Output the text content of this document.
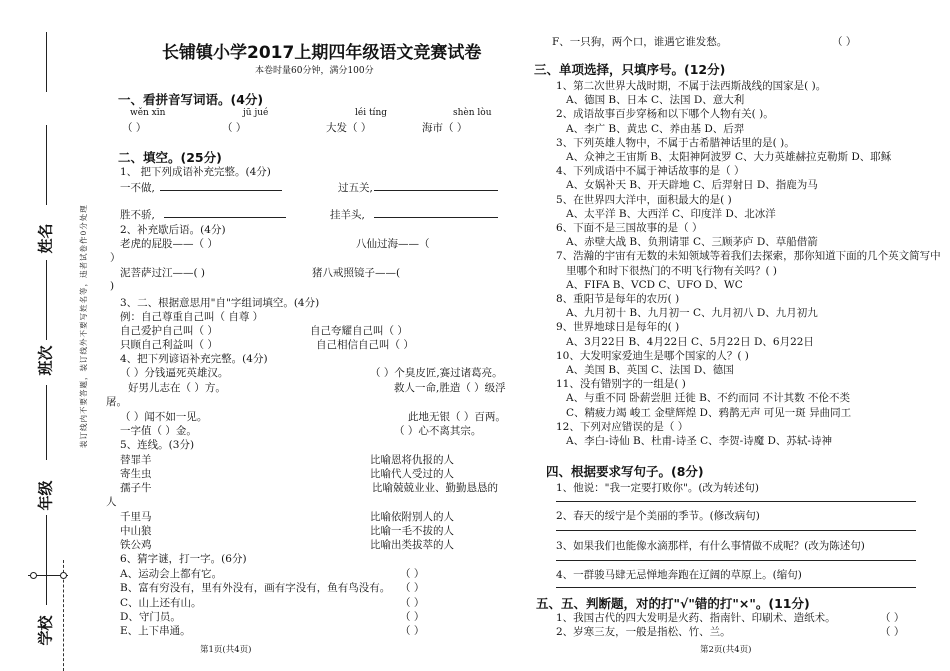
姓名
班次
年级
学校
装订线内不要答题，装订线外不要写姓名等，违者试卷作0分处理
长铺镇小学2017上期四年级语文竞赛试卷
本卷时量60分钟，满分100分
一、看拼音写词语。(4分)
wěn xīn	jū jué	léi tíng	shèn lòu
（ ）	（ ）	大发（ ）	海市（ ）
二、填空。(25分)
1、 把下列成语补充完整。(4分)
一不做,	过五关,
胜不骄,	挂羊头,
2、补充歇后语。(4分)
老虎的屁股——（ ）	八仙过海——（
）
泥菩萨过江——( )	猪八戒照镜子——(
)
3、二、根据意思用"自"字组词填空。(4分)
例：自己尊重自己叫（ 自尊 ）
自己爱护自己叫（ ）	自己夸耀自己叫（ ）
只顾自己利益叫（ ）	自己相信自己叫（ ）
4、把下列谚语补充完整。(4分)
（ ）分钱逼死英雄汉。	（ ）个臭皮匠,赛过诸葛亮。
好男儿志在（ ）方。	救人一命,胜造（ ）级浮
屠。
（ ）闻不如一见。	此地无银（ ）百两。
一字值（ ）金。	（ ）心不离其宗。
5、连线。(3分)
替罪羊
寄生虫
孺子牛
千里马
中山狼
铁公鸡
比喻恩将仇报的人
比喻代人受过的人
比喻兢兢业业、勤勤恳恳的
人
比喻依附别人的人
比喻一毛不拔的人
比喻出类拔萃的人
6、猜字谜，打一字。(6分)
A、运动会上都有它。	（ ）
B、富有穷没有，里有外没有，画有字没有，鱼有鸟没有。 （ ）
C、山上还有山。	（ ）
D、守门员。	（ ）
E、上下串通。	（ ）
第1页(共4页)
F、一只狗，两个口，谁遇它谁发愁。	（ ）
三、单项选择，只填序号。(12分)
1、第二次世界大战时期，不属于法西斯战线的国家是( )。
A、德国 B、日本 C、法国 D、意大利
2、成语故事百步穿杨和以下哪个人物有关( )。
A、李广 B、黄忠 C、养由基 D、后羿
3、下列英雄人物中，不属于古希腊神话里的是( )。
A、众神之王宙斯 B、太阳神阿波罗 C、大力英雄赫拉克勒斯 D、耶稣
4、下列成语中不属于神话故事的是（ ）
A、女娲补天 B、开天辟地 C、后羿射日 D、指鹿为马
5、在世界四大洋中，面积最大的是( )
A、太平洋 B、大西洋 C、印度洋 D、北冰洋
6、下面不是三国故事的是（ ）
A、赤壁大战 B、负荆请罪 C、三顾茅庐 D、草船借箭
7、浩瀚的宇宙有无数的未知领域等着我们去探索，那你知道下面的几个英文简写中
里哪个和时下很热门的不明飞行物有关吗？( )
A、FIFA B、VCD C、UFO D、WC
8、重阳节是每年的农历( )
A、九月初十 B、九月初一 C、九月初八 D、九月初九
9、世界地球日是每年的( )
A、3月22日 B、4月22日 C、5月22日 D、6月22日
10、大发明家爱迪生是哪个国家的人？( )
A、美国 B、英国 C、法国 D、德国
11、没有错别字的一组是( )
A、与重不同 卧薪尝胆 迁徙 B、不约而同 不计其数 不伦不类
C、精疲力竭 峻工 金壁辉煌 D、鸦鹊无声 可见一斑 异曲同工
12、下列对应错误的是（ ）
A、李白-诗仙 B、杜甫-诗圣 C、李贺-诗魔 D、苏轼-诗神
四、根据要求写句子。(8分)
1、他说："我一定要打败你"。(改为转述句)
2、春天的绥宁是个美丽的季节。(修改病句)
3、如果我们也能像水滴那样，有什么事情做不成呢？(改为陈述句)
4、一群骏马肆无忌惮地奔跑在辽阔的草原上。(缩句)
五、五、判断题，对的打"√"错的打"×"。(11分)
1、我国古代的四大发明是火药、指南针、印刷术、造纸术。	（ ）
2、岁寒三友，一般是指松、竹、兰。	（ ）
第2页(共4页)
